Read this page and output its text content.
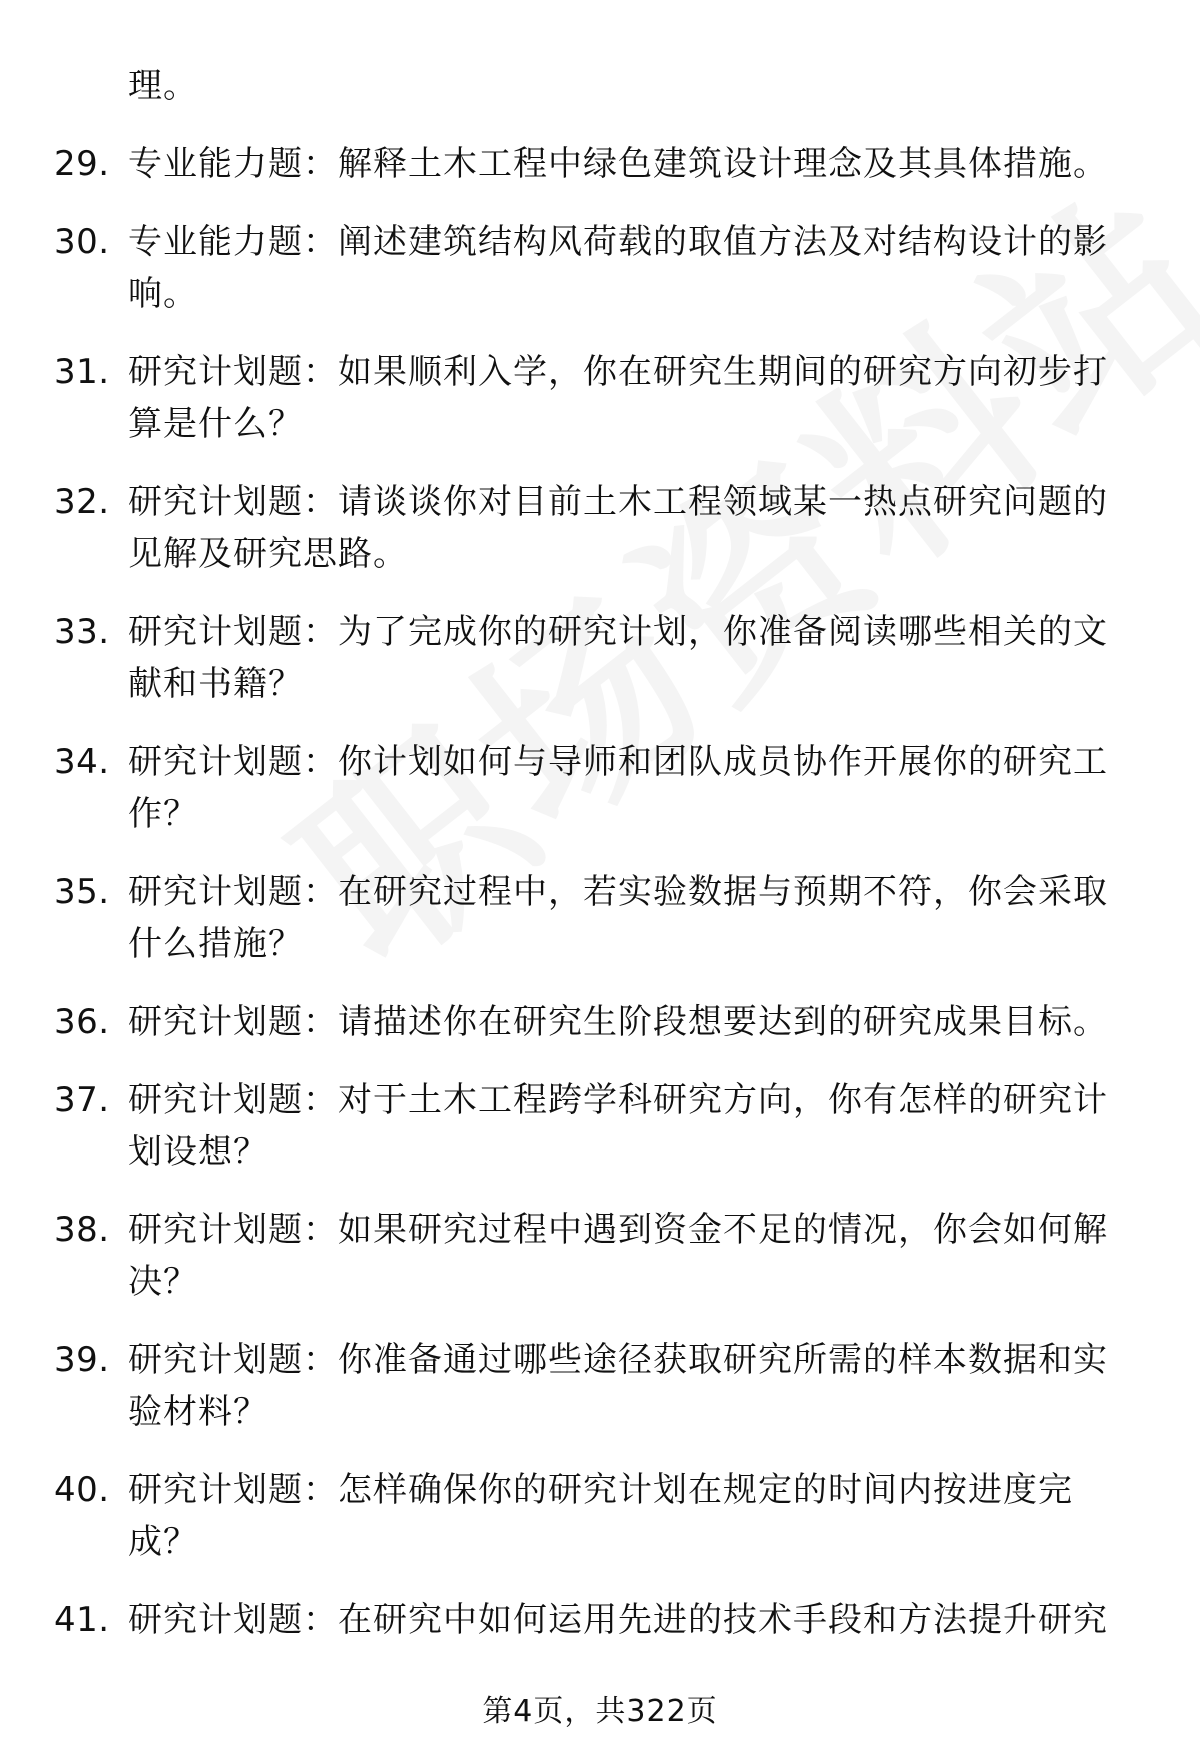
理。
29. 专业能力题：解释土木工程中绿色建筑设计理念及其具体措施。
30. 专业能力题：阐述建筑结构风荷载的取值方法及对结构设计的影响。
31. 研究计划题：如果顺利入学，你在研究生期间的研究方向初步打算是什么？
32. 研究计划题：请谈谈你对目前土木工程领域某一热点研究问题的见解及研究思路。
33. 研究计划题：为了完成你的研究计划，你准备阅读哪些相关的文献和书籍？
34. 研究计划题：你计划如何与导师和团队成员协作开展你的研究工作？
35. 研究计划题：在研究过程中，若实验数据与预期不符，你会采取什么措施？
36. 研究计划题：请描述你在研究生阶段想要达到的研究成果目标。
37. 研究计划题：对于土木工程跨学科研究方向，你有怎样的研究计划设想？
38. 研究计划题：如果研究过程中遇到资金不足的情况，你会如何解决？
39. 研究计划题：你准备通过哪些途径获取研究所需的样本数据和实验材料？
40. 研究计划题：怎样确保你的研究计划在规定的时间内按进度完成？
41. 研究计划题：在研究中如何运用先进的技术手段和方法提升研究
第4页，共322页
